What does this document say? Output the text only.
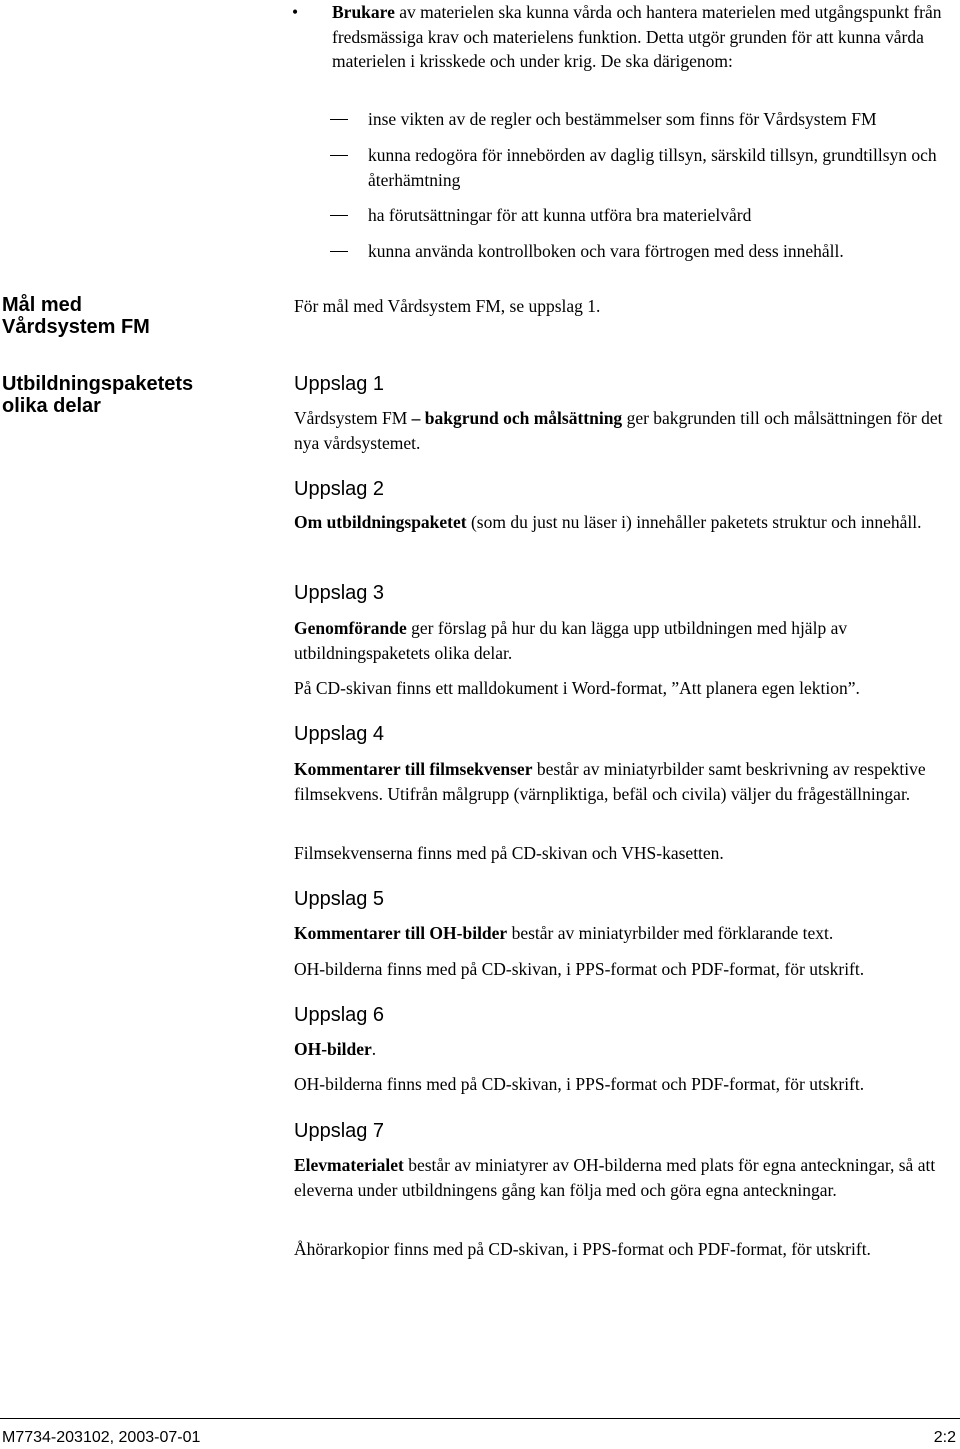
• Brukare av materielen ska kunna vårda och hantera materielen med utgångspunkt från fredsmässiga krav och materielens funktion. Detta utgör grunden för att kunna vårda materielen i krisskede och under krig. De ska därigenom:

inse vikten av de regler och bestämmelser som finns för Vårdsystem FM

kunna redogöra för innebörden av daglig tillsyn, särskild tillsyn, grundtillsyn och återhämtning

ha förutsättningar för att kunna utföra bra materielvård

kunna använda kontrollboken och vara förtrogen med dess innehåll.

Mål med
Vårdsystem FM

För mål med Vårdsystem FM, se uppslag 1.

Utbildningspaketets
olika delar
Uppslag 1

Vårdsystem FM – bakgrund och målsättning ger bakgrunden till och målsättningen för det nya vårdsystemet.

Uppslag 2

Om utbildningspaketet (som du just nu läser i) innehåller paketets struktur och innehåll.

Uppslag 3

Genomförande ger förslag på hur du kan lägga upp utbildningen med hjälp av utbildningspaketets olika delar.

På CD-skivan finns ett malldokument i Word-format, ”Att planera egen lektion”.

Uppslag 4

Kommentarer till filmsekvenser består av miniatyrbilder samt beskrivning av respektive filmsekvens. Utifrån målgrupp (värnpliktiga, befäl och civila) väljer du frågeställningar.

Filmsekvenserna finns med på CD-skivan och VHS-kasetten.

Uppslag 5

Kommentarer till OH-bilder består av miniatyrbilder med förklarande text.

OH-bilderna finns med på CD-skivan, i PPS-format och PDF-format, för utskrift.

Uppslag 6

OH-bilder.

OH-bilderna finns med på CD-skivan, i PPS-format och PDF-format, för utskrift.

Uppslag 7

Elevmaterialet består av miniatyrer av OH-bilderna med plats för egna anteckningar, så att eleverna under utbildningens gång kan följa med och göra egna anteckningar.

Åhörarkopior finns med på CD-skivan, i PPS-format och PDF-format, för utskrift.

M7734-203102, 2003-07-01	2:2
